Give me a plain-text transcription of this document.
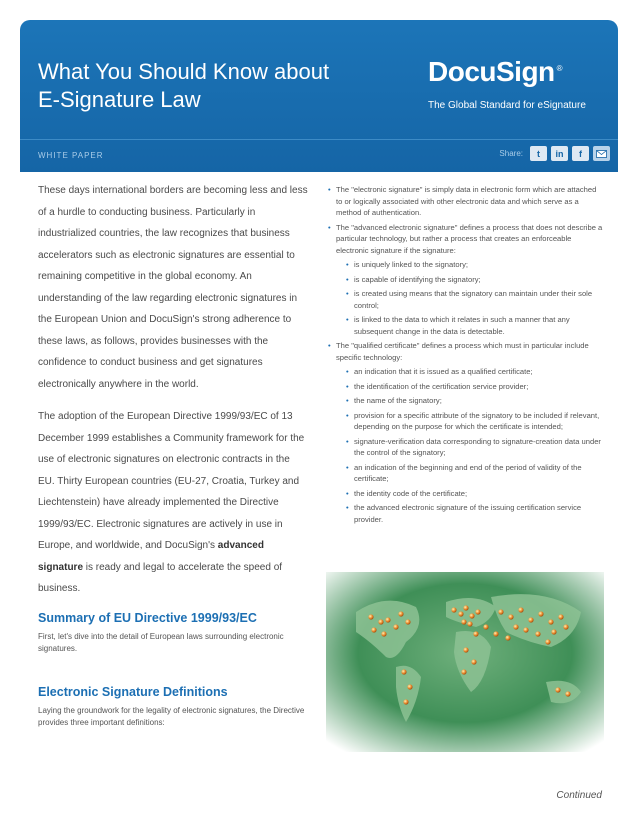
What You Should Know about
E-Signature Law
DocuSign ®
The Global Standard for eSignature
WHITE PAPER	Share:	t	in	f

These days international borders are becoming less and less of a hurdle to conducting business. Particularly in industrialized countries, the law recognizes that business accelerators such as electronic signatures are essential to remaining competitive in the global economy. An understanding of the law regarding electronic signatures in the European Union and DocuSign's strong adherence to these laws, as follows, provides businesses with the confidence to conduct business and get signatures electronically anywhere in the world.

The adoption of the European Directive 1999/93/EC of 13 December 1999 establishes a Community framework for the use of electronic signatures on electronic contracts in the EU. Thirty European countries (EU-27, Croatia, Turkey and Liechtenstein) have already implemented the Directive 1999/93/EC. Electronic signatures are actively in use in Europe, and worldwide, and DocuSign's advanced signature is ready and legal to accelerate the speed of business.

Summary of EU Directive 1999/93/EC
First, let's dive into the detail of European laws surrounding electronic signatures.
Electronic Signature Definitions
Laying the groundwork for the legality of electronic signatures, the Directive provides three important definitions:
• The "electronic signature" is simply data in electronic form which are attached to or logically associated with other electronic data and which serve as a method of authentication.
• The "advanced electronic signature" defines a process that does not describe a particular technology, but rather a process that creates an enforceable electronic signature if the signature:
• is uniquely linked to the signatory;
• is capable of identifying the signatory;
• is created using means that the signatory can maintain under their sole control;
• is linked to the data to which it relates in such a manner that any subsequent change in the data is detectable.
• The "qualified certificate" defines a process which must in particular include specific technology:
• an indication that it is issued as a qualified certificate;
• the identification of the certification service provider;
• the name of the signatory;
• provision for a specific attribute of the signatory to be included if relevant, depending on the purpose for which the certificate is intended;
• signature-verification data corresponding to signature-creation data under the control of the signatory;
• an indication of the beginning and end of the period of validity of the certificate;
• the identity code of the certificate;
• the advanced electronic signature of the issuing certification service provider.
Continued
